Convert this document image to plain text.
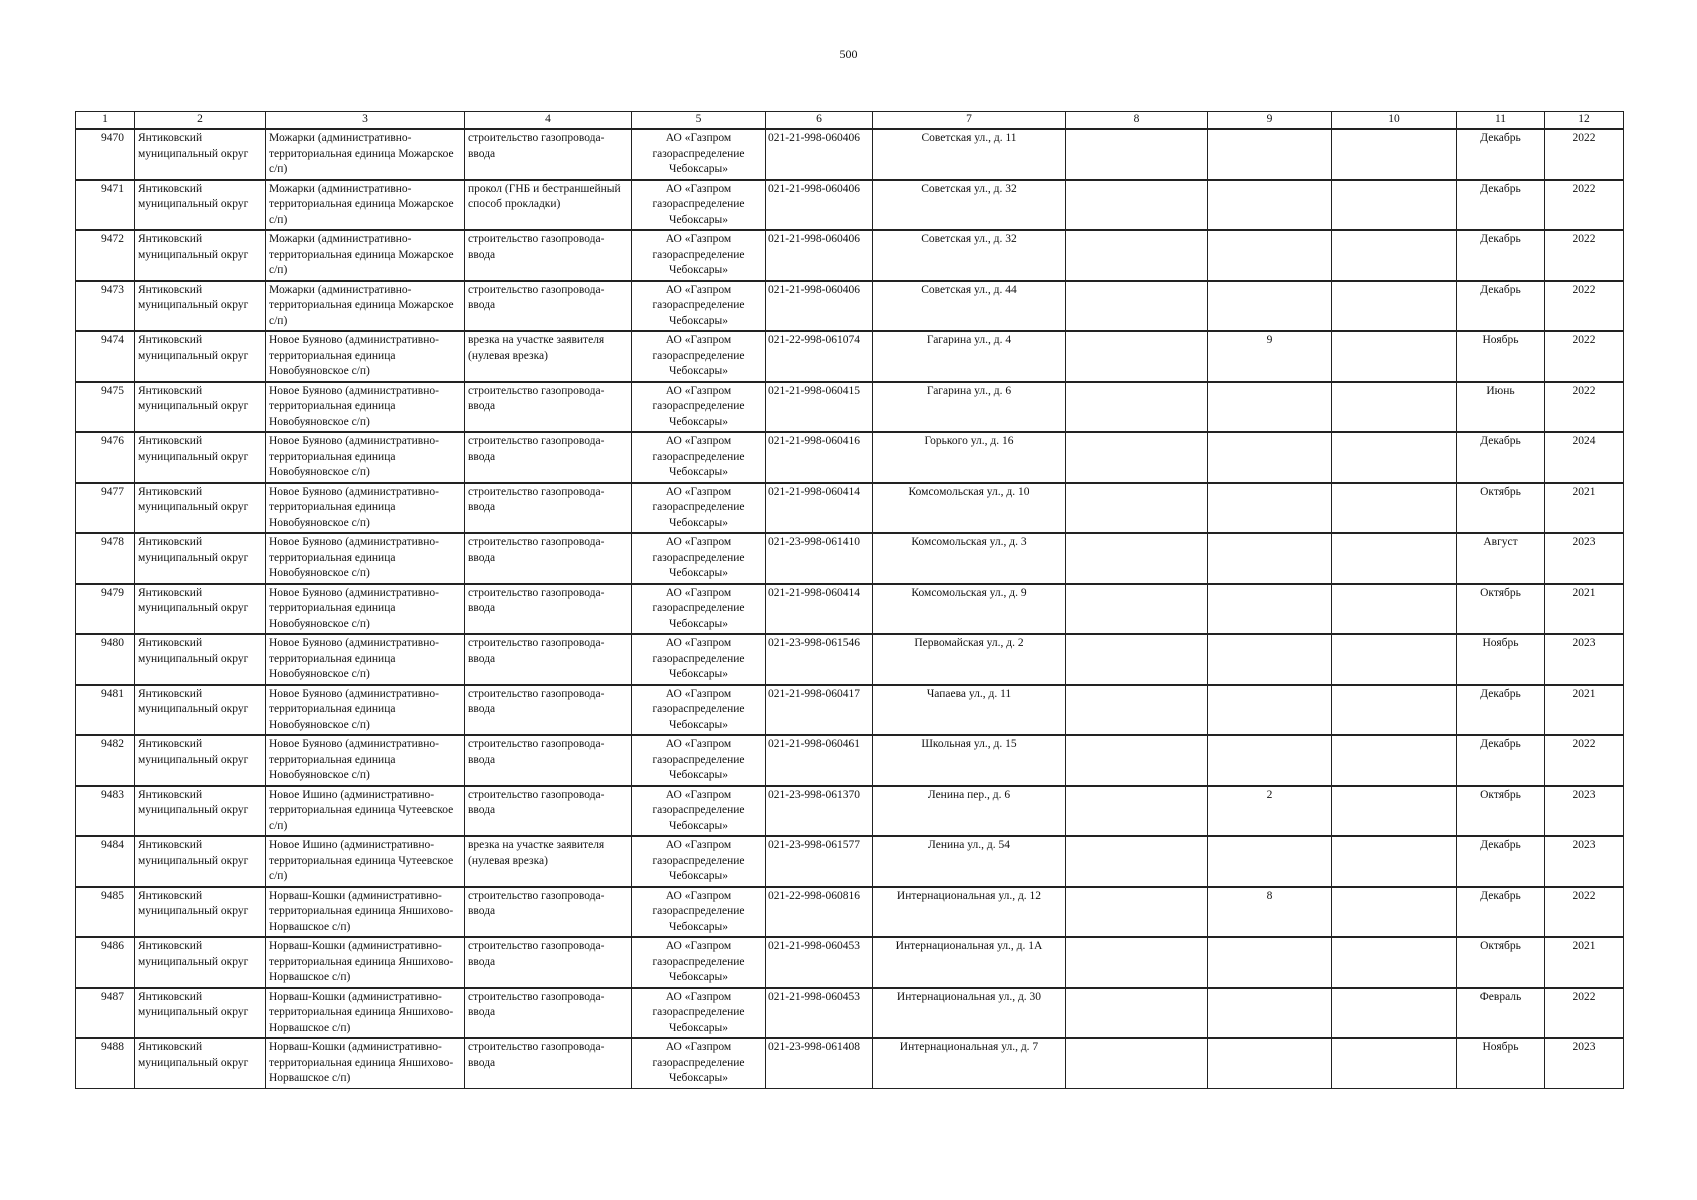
500
1	2	3	4	5	6	7	8	9	10	11	12
9470	Янтиковский муниципальный округ	Можарки (административно-территориальная единица Можарское с/п)	строительство газопровода-ввода	АО «Газпром газораспределение Чебоксары»	021-21-998-060406	Советская ул., д. 11				Декабрь	2022
9471	Янтиковский муниципальный округ	Можарки (административно-территориальная единица Можарское с/п)	прокол (ГНБ и бестраншейный способ прокладки)	АО «Газпром газораспределение Чебоксары»	021-21-998-060406	Советская ул., д. 32				Декабрь	2022
9472	Янтиковский муниципальный округ	Можарки (административно-территориальная единица Можарское с/п)	строительство газопровода-ввода	АО «Газпром газораспределение Чебоксары»	021-21-998-060406	Советская ул., д. 32				Декабрь	2022
9473	Янтиковский муниципальный округ	Можарки (административно-территориальная единица Можарское с/п)	строительство газопровода-ввода	АО «Газпром газораспределение Чебоксары»	021-21-998-060406	Советская ул., д. 44				Декабрь	2022
9474	Янтиковский муниципальный округ	Новое Буяново (административно-территориальная единица Новобуяновское с/п)	врезка на участке заявителя (нулевая врезка)	АО «Газпром газораспределение Чебоксары»	021-22-998-061074	Гагарина ул., д. 4		9		Ноябрь	2022
9475	Янтиковский муниципальный округ	Новое Буяново (административно-территориальная единица Новобуяновское с/п)	строительство газопровода-ввода	АО «Газпром газораспределение Чебоксары»	021-21-998-060415	Гагарина ул., д. 6				Июнь	2022
9476	Янтиковский муниципальный округ	Новое Буяново (административно-территориальная единица Новобуяновское с/п)	строительство газопровода-ввода	АО «Газпром газораспределение Чебоксары»	021-21-998-060416	Горького ул., д. 16				Декабрь	2024
9477	Янтиковский муниципальный округ	Новое Буяново (административно-территориальная единица Новобуяновское с/п)	строительство газопровода-ввода	АО «Газпром газораспределение Чебоксары»	021-21-998-060414	Комсомольская ул., д. 10				Октябрь	2021
9478	Янтиковский муниципальный округ	Новое Буяново (административно-территориальная единица Новобуяновское с/п)	строительство газопровода-ввода	АО «Газпром газораспределение Чебоксары»	021-23-998-061410	Комсомольская ул., д. 3				Август	2023
9479	Янтиковский муниципальный округ	Новое Буяново (административно-территориальная единица Новобуяновское с/п)	строительство газопровода-ввода	АО «Газпром газораспределение Чебоксары»	021-21-998-060414	Комсомольская ул., д. 9				Октябрь	2021
9480	Янтиковский муниципальный округ	Новое Буяново (административно-территориальная единица Новобуяновское с/п)	строительство газопровода-ввода	АО «Газпром газораспределение Чебоксары»	021-23-998-061546	Первомайская ул., д. 2				Ноябрь	2023
9481	Янтиковский муниципальный округ	Новое Буяново (административно-территориальная единица Новобуяновское с/п)	строительство газопровода-ввода	АО «Газпром газораспределение Чебоксары»	021-21-998-060417	Чапаева ул., д. 11				Декабрь	2021
9482	Янтиковский муниципальный округ	Новое Буяново (административно-территориальная единица Новобуяновское с/п)	строительство газопровода-ввода	АО «Газпром газораспределение Чебоксары»	021-21-998-060461	Школьная ул., д. 15				Декабрь	2022
9483	Янтиковский муниципальный округ	Новое Ишино (административно-территориальная единица Чутеевское с/п)	строительство газопровода-ввода	АО «Газпром газораспределение Чебоксары»	021-23-998-061370	Ленина пер., д. 6		2		Октябрь	2023
9484	Янтиковский муниципальный округ	Новое Ишино (административно-территориальная единица Чутеевское с/п)	врезка на участке заявителя (нулевая врезка)	АО «Газпром газораспределение Чебоксары»	021-23-998-061577	Ленина ул., д. 54				Декабрь	2023
9485	Янтиковский муниципальный округ	Норваш-Кошки (административно-территориальная единица Яншихово-Норвашское с/п)	строительство газопровода-ввода	АО «Газпром газораспределение Чебоксары»	021-22-998-060816	Интернациональная ул., д. 12		8		Декабрь	2022
9486	Янтиковский муниципальный округ	Норваш-Кошки (административно-территориальная единица Яншихово-Норвашское с/п)	строительство газопровода-ввода	АО «Газпром газораспределение Чебоксары»	021-21-998-060453	Интернациональная ул., д. 1А				Октябрь	2021
9487	Янтиковский муниципальный округ	Норваш-Кошки (административно-территориальная единица Яншихово-Норвашское с/п)	строительство газопровода-ввода	АО «Газпром газораспределение Чебоксары»	021-21-998-060453	Интернациональная ул., д. 30				Февраль	2022
9488	Янтиковский муниципальный округ	Норваш-Кошки (административно-территориальная единица Яншихово-Норвашское с/п)	строительство газопровода-ввода	АО «Газпром газораспределение Чебоксары»	021-23-998-061408	Интернациональная ул., д. 7				Ноябрь	2023
